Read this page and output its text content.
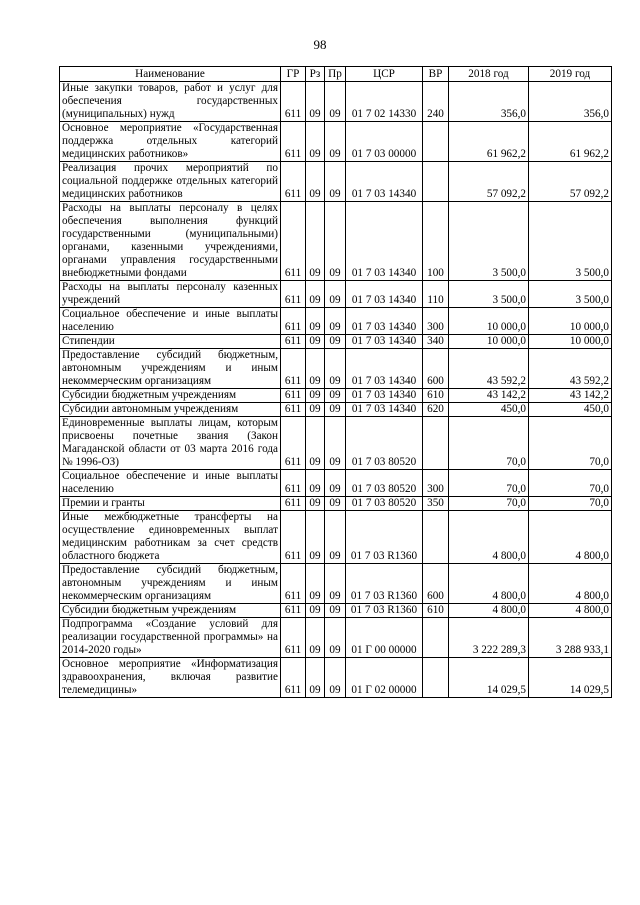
98
Наименование	ГР	Рз	Пр	ЦСР	ВР	2018 год	2019 год
Иные закупки товаров, работ и услуг для обеспечения государственных (муниципальных) нужд	611	09	09	01 7 02 14330	240	356,0	356,0
Основное мероприятие «Государственная поддержка отдельных категорий медицинских работников»	611	09	09	01 7 03 00000		61 962,2	61 962,2
Реализация прочих мероприятий по социальной поддержке отдельных категорий медицинских работников	611	09	09	01 7 03 14340		57 092,2	57 092,2
Расходы на выплаты персоналу в целях обеспечения выполнения функций государственными (муниципальными) органами, казенными учреждениями, органами управления государственными внебюджетными фондами	611	09	09	01 7 03 14340	100	3 500,0	3 500,0
Расходы на выплаты персоналу казенных учреждений	611	09	09	01 7 03 14340	110	3 500,0	3 500,0
Социальное обеспечение и иные выплаты населению	611	09	09	01 7 03 14340	300	10 000,0	10 000,0
Стипендии	611	09	09	01 7 03 14340	340	10 000,0	10 000,0
Предоставление субсидий бюджетным, автономным учреждениям и иным некоммерческим организациям	611	09	09	01 7 03 14340	600	43 592,2	43 592,2
Субсидии бюджетным учреждениям	611	09	09	01 7 03 14340	610	43 142,2	43 142,2
Субсидии автономным учреждениям	611	09	09	01 7 03 14340	620	450,0	450,0
Единовременные выплаты лицам, которым присвоены почетные звания (Закон Магаданской области от 03 марта 2016 года № 1996-ОЗ)	611	09	09	01 7 03 80520		70,0	70,0
Социальное обеспечение и иные выплаты населению	611	09	09	01 7 03 80520	300	70,0	70,0
Премии и гранты	611	09	09	01 7 03 80520	350	70,0	70,0
Иные межбюджетные трансферты на осуществление единовременных выплат медицинским работникам за счет средств областного бюджета	611	09	09	01 7 03 R1360		4 800,0	4 800,0
Предоставление субсидий бюджетным, автономным учреждениям и иным некоммерческим организациям	611	09	09	01 7 03 R1360	600	4 800,0	4 800,0
Субсидии бюджетным учреждениям	611	09	09	01 7 03 R1360	610	4 800,0	4 800,0
Подпрограмма «Создание условий для реализации государственной программы» на 2014-2020 годы»	611	09	09	01 Г 00 00000		3 222 289,3	3 288 933,1
Основное мероприятие «Информатизация здравоохранения, включая развитие телемедицины»	611	09	09	01 Г 02 00000		14 029,5	14 029,5
